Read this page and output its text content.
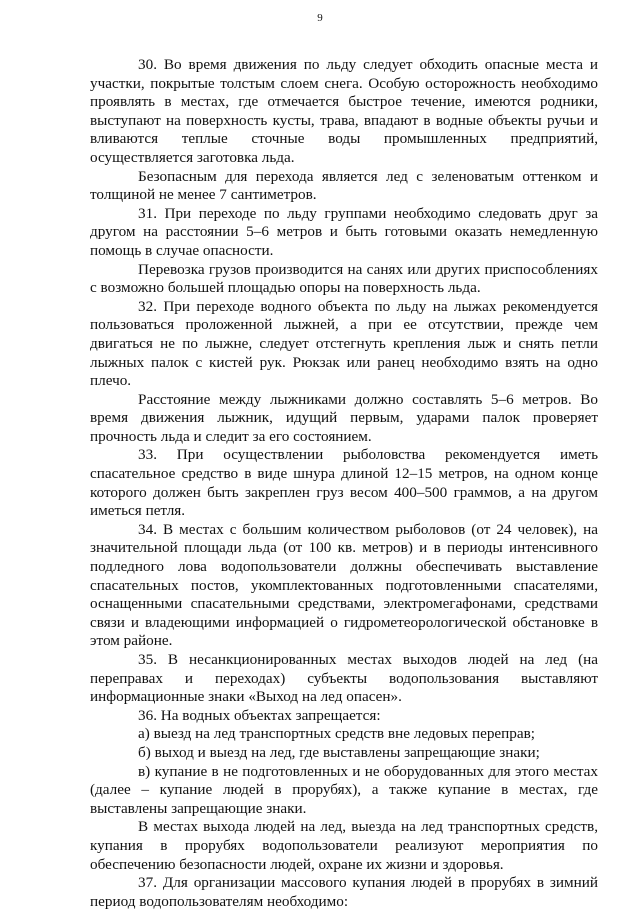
9

30. Во время движения по льду следует обходить опасные места и участки, покрытые толстым слоем снега. Особую осторожность необходимо проявлять в местах, где отмечается быстрое течение, имеются родники, выступают на поверхность кусты, трава, впадают в водные объекты ручьи и вливаются теплые сточные воды промышленных предприятий, осуществляется заготовка льда.

Безопасным для перехода является лед с зеленоватым оттенком и толщиной не менее 7 сантиметров.

31. При переходе по льду группами необходимо следовать друг за другом на расстоянии 5–6 метров и быть готовыми оказать немедленную помощь в случае опасности.

Перевозка грузов производится на санях или других приспособлениях с возможно большей площадью опоры на поверхность льда.

32. При переходе водного объекта по льду на лыжах рекомендуется пользоваться проложенной лыжней, а при ее отсутствии, прежде чем двигаться не по лыжне, следует отстегнуть крепления лыж и снять петли лыжных палок с кистей рук. Рюкзак или ранец необходимо взять на одно плечо.

Расстояние между лыжниками должно составлять 5–6 метров. Во время движения лыжник, идущий первым, ударами палок проверяет прочность льда и следит за его состоянием.

33. При осуществлении рыболовства рекомендуется иметь спасательное средство в виде шнура длиной 12–15 метров, на одном конце которого должен быть закреплен груз весом 400–500 граммов, а на другом иметься петля.

34. В местах с большим количеством рыболовов (от 24 человек), на значительной площади льда (от 100 кв. метров) и в периоды интенсивного подледного лова водопользователи должны обеспечивать выставление спасательных постов, укомплектованных подготовленными спасателями, оснащенными спасательными средствами, электромегафонами, средствами связи и владеющими информацией о гидрометеорологической обстановке в этом районе.

35. В несанкционированных местах выходов людей на лед (на переправах и переходах) субъекты водопользования выставляют информационные знаки «Выход на лед опасен».

36. На водных объектах запрещается:

а) выезд на лед транспортных средств вне ледовых переправ;

б) выход и выезд на лед, где выставлены запрещающие знаки;

в) купание в не подготовленных и не оборудованных для этого местах (далее – купание людей в прорубях), а также купание в местах, где выставлены запрещающие знаки.

В местах выхода людей на лед, выезда на лед транспортных средств, купания в прорубях водопользователи реализуют мероприятия по обеспечению безопасности людей, охране их жизни и здоровья.

37. Для организации массового купания людей в прорубях в зимний период водопользователям необходимо:
